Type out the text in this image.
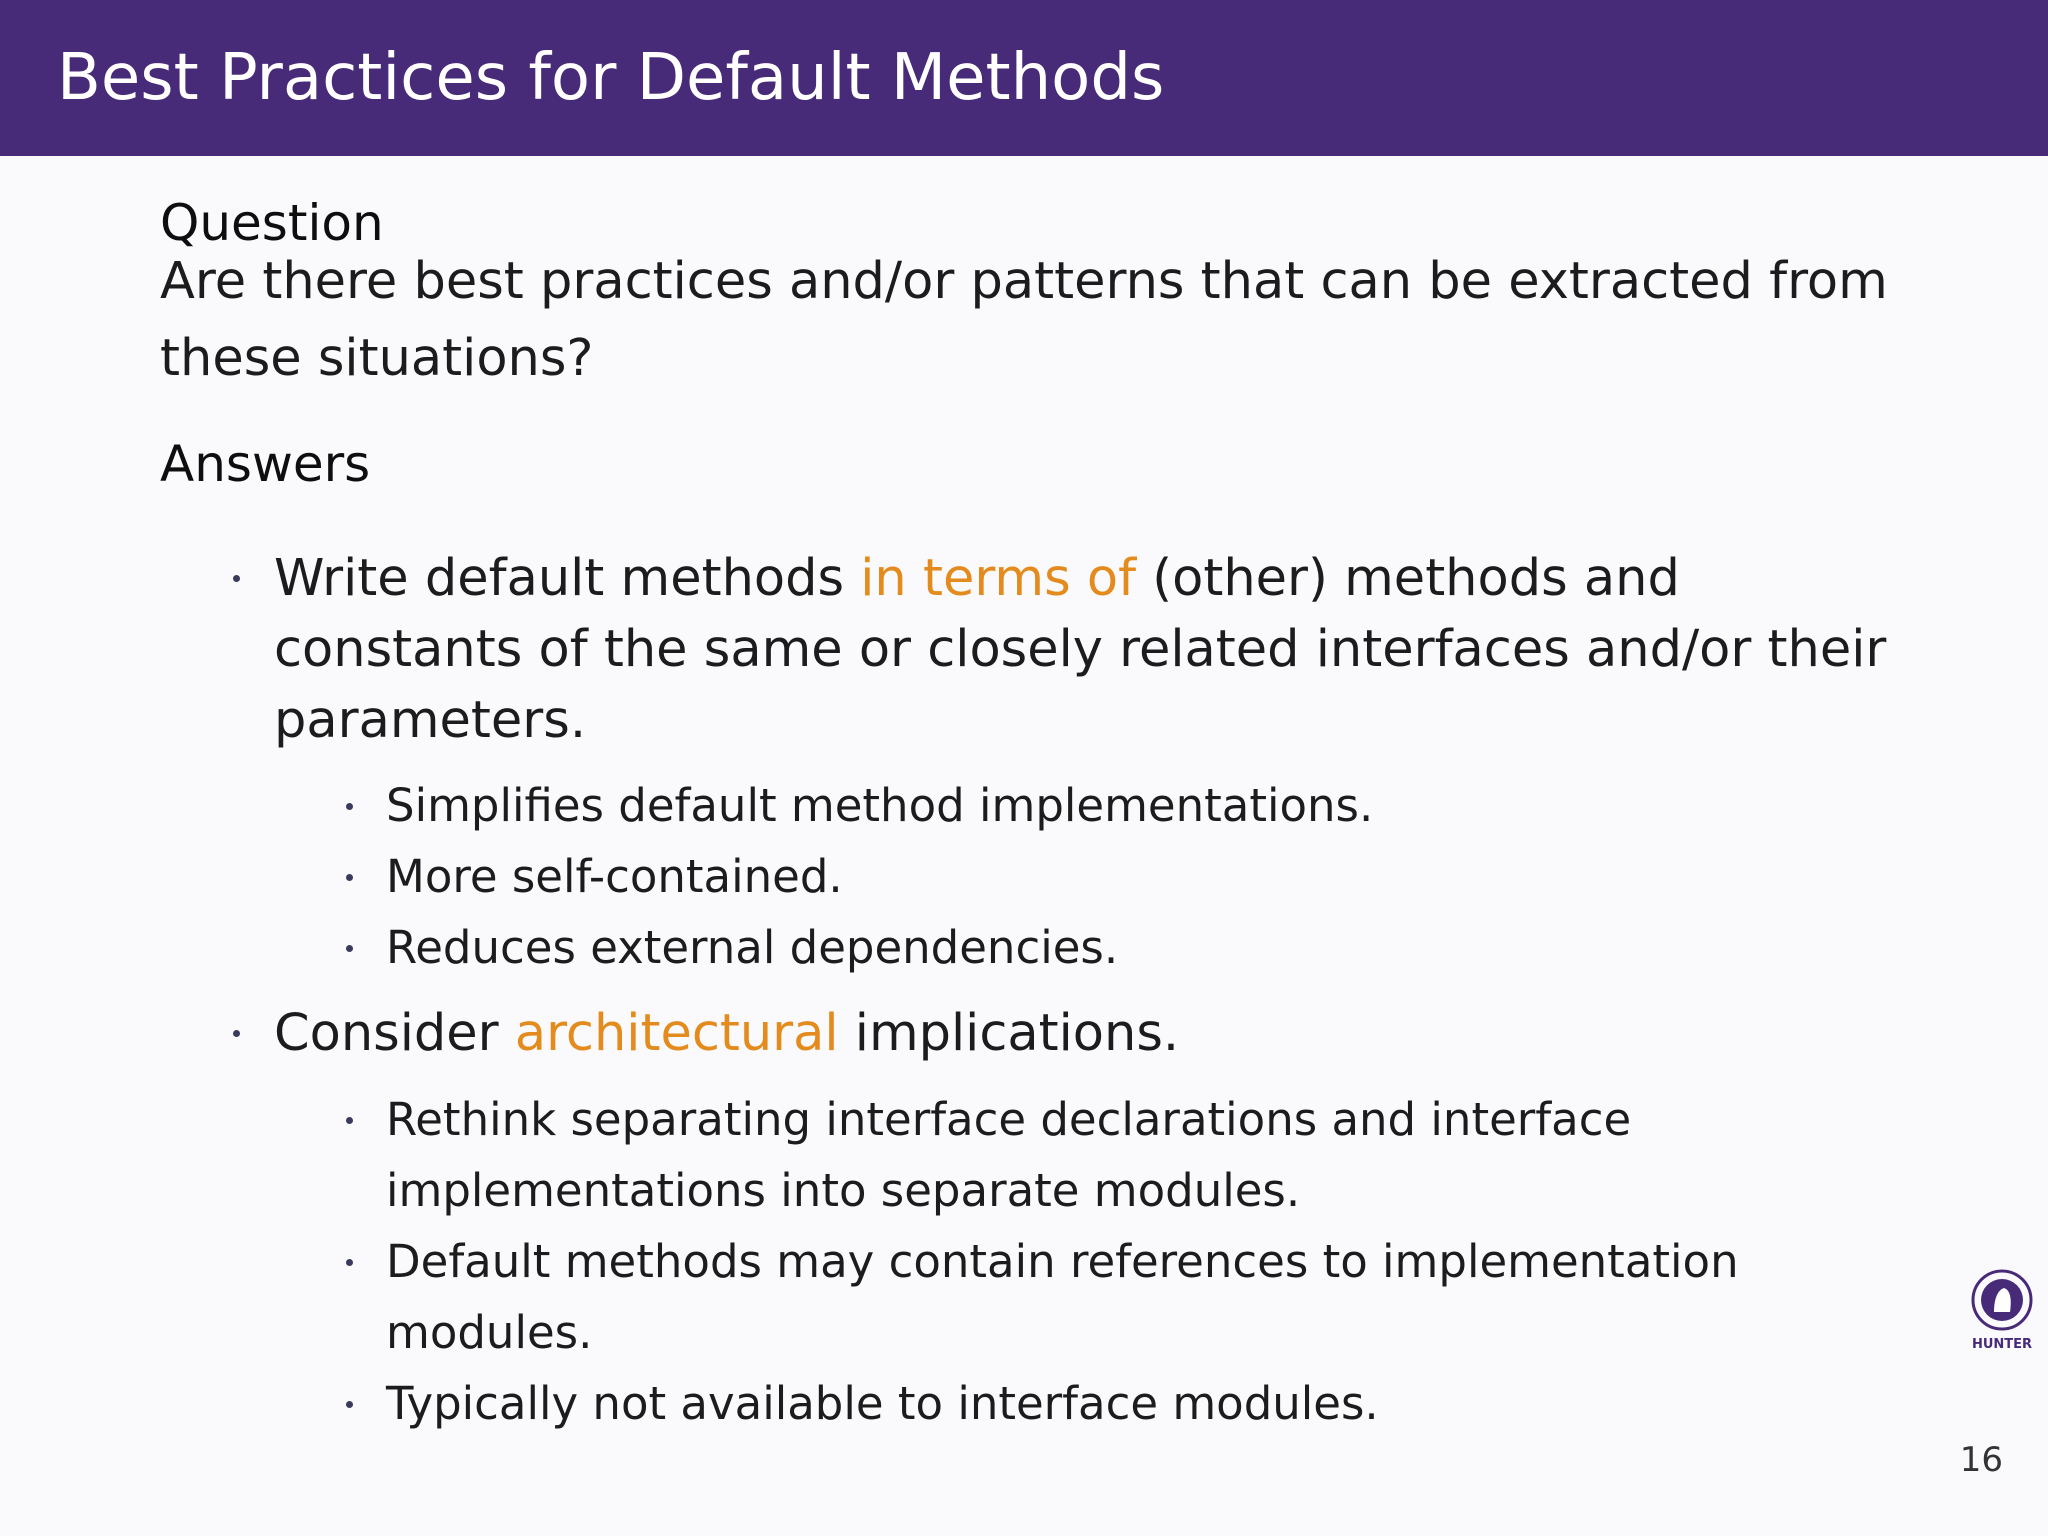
Best Practices for Default Methods
Question
Are there best practices and/or patterns that can be extracted from
these situations?
Answers
Write default methods in terms of (other) methods and
constants of the same or closely related interfaces and/or their
parameters.
Simplifies default method implementations.
More self-contained.
Reduces external dependencies.
Consider architectural implications.
Rethink separating interface declarations and interface
implementations into separate modules.
Default methods may contain references to implementation
modules.
Typically not available to interface modules.
HUNTER
16
